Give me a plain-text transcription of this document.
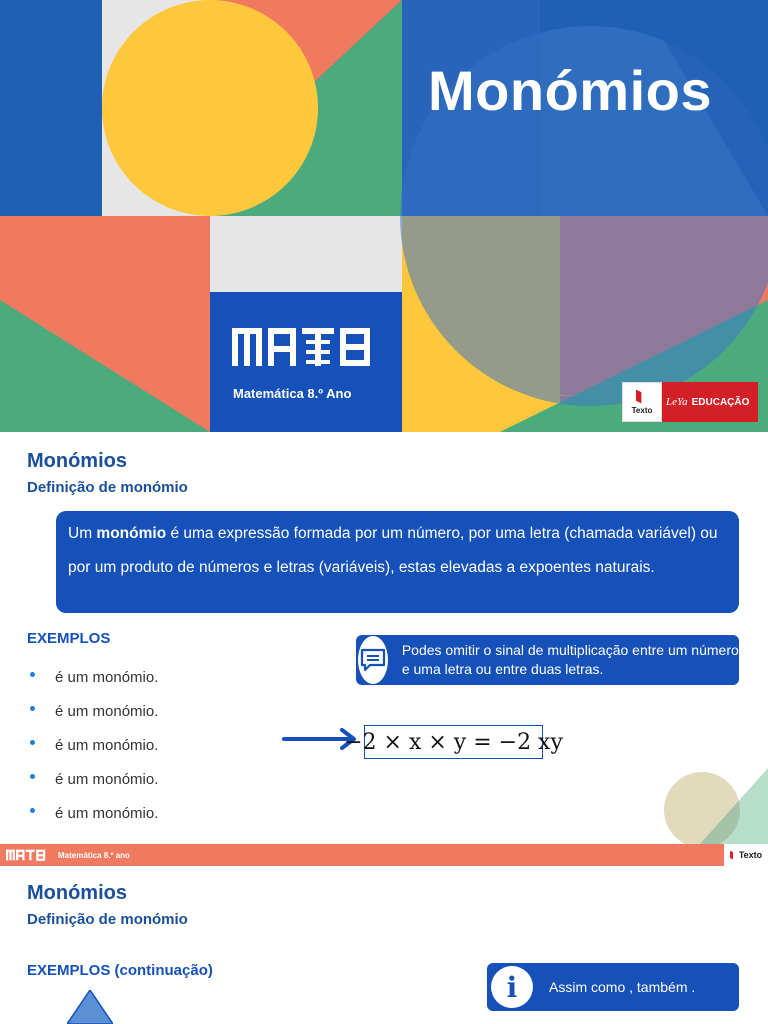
Monómios
Matemática 8.º Ano
Texto
LeYa EDUCAÇÃO
Monómios
Definição de monómio
Um monómio é uma expressão formada por um número, por uma letra (chamada variável) ou por um produto de números e letras (variáveis), estas elevadas a expoentes naturais.
EXEMPLOS
é um monómio.
é um monómio.
é um monómio.
é um monómio.
é um monómio.
Podes omitir o sinal de multiplicação entre um número e uma letra ou entre duas letras.
−2 × x × y = −2 xy
Matemática 8.º ano	Texto
Monómios
Definição de monómio
EXEMPLOS (continuação)	i	Assim como , também .
